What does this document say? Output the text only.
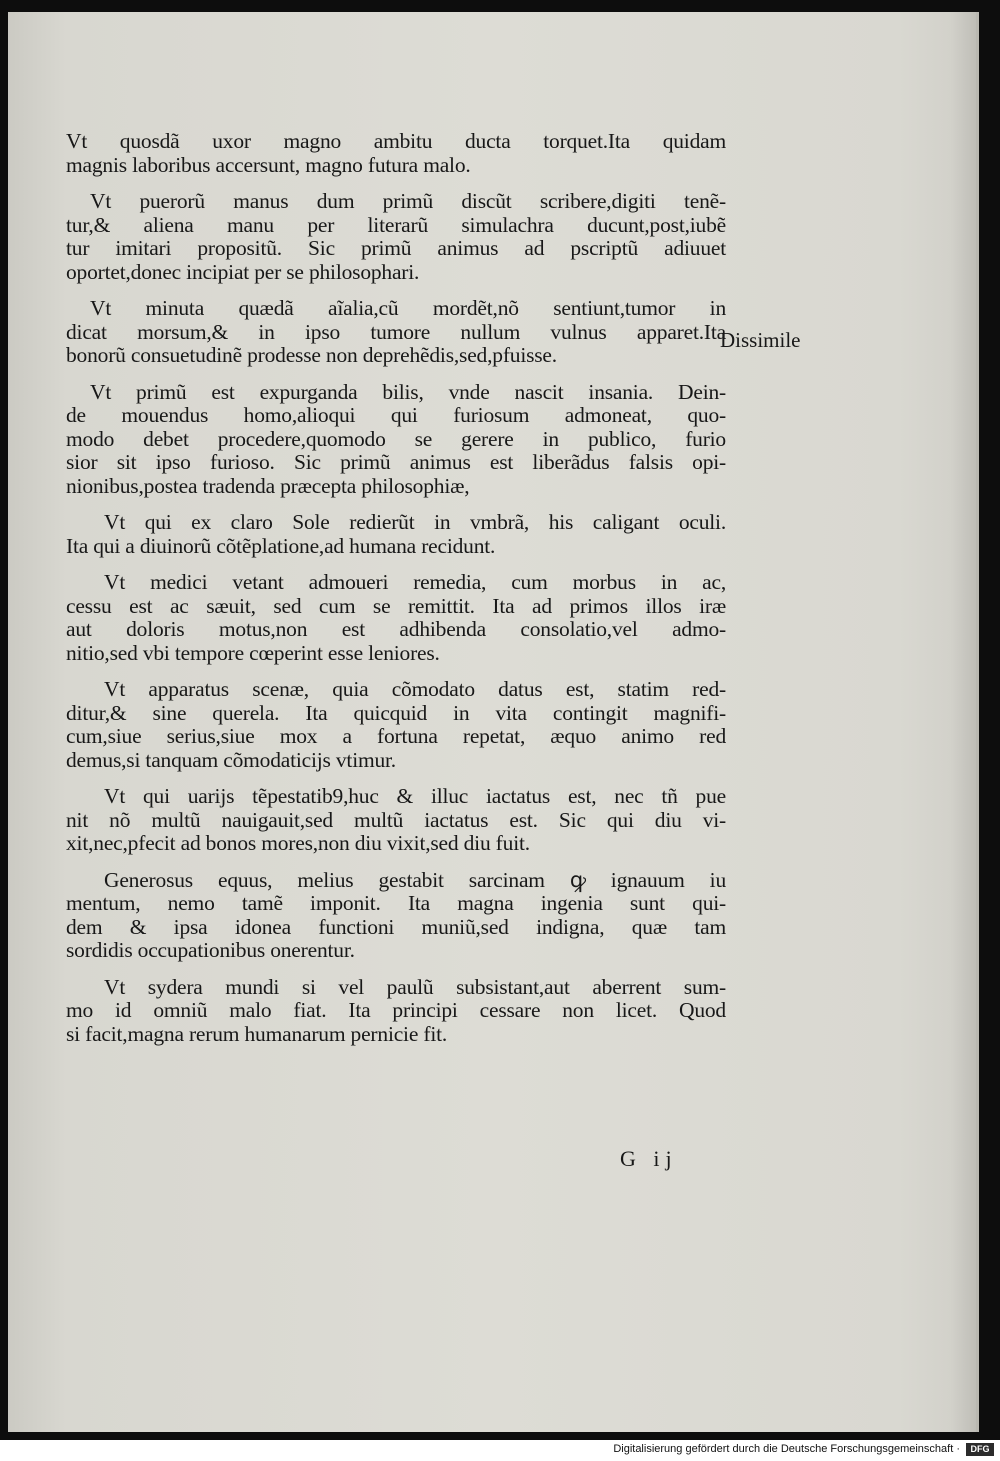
Vt quosdã uxor magno ambitu ducta torquet.Ita quidam
magnis laboribus accersunt, magno futura malo.
Vt puerorũ manus dum primũ discũt scribere,digiti tenẽ-
tur,& aliena manu per literarũ simulachra ducunt,post,iubẽ
tur imitari propositũ. Sic primũ animus ad pscriptũ adiuuet
oportet,donec incipiat per se philosophari.
Vt minuta quædã aĩalia,cũ mordẽt,nõ sentiunt,tumor in
dicat morsum,& in ipso tumore nullum vulnus apparet.Ita
bonorũ consuetudinẽ prodesse non deprehẽdis,sed,pfuisse.
Vt primũ est expurganda bilis, vnde nascit insania. Dein-
de mouendus homo,alioqui qui furiosum admoneat, quo-
modo debet procedere,quomodo se gerere in publico, furio
sior sit ipso furioso. Sic primũ animus est liberãdus falsis opi-
nionibus,postea tradenda præcepta philosophiæ,
Vt qui ex claro Sole redierũt in vmbrã, his caligant oculi.
Ita qui a diuinorũ cõtẽplatione,ad humana recidunt.
Vt medici vetant admoueri remedia, cum morbus in ac,
cessu est ac sæuit, sed cum se remittit. Ita ad primos illos iræ
aut doloris motus,non est adhibenda consolatio,vel admo-
nitio,sed vbi tempore cœperint esse leniores.
Vt apparatus scenæ, quia cõmodato datus est, statim red-
ditur,& sine querela. Ita quicquid in vita contingit magnifi-
cum,siue serius,siue mox a fortuna repetat, æquo animo red
demus,si tanquam cõmodaticijs vtimur.
Vt qui uarijs tẽpestatib9,huc & illuc iactatus est, nec tñ pue
nit nõ multũ nauigauit,sed multũ iactatus est. Sic qui diu vi-
xit,nec,pfecit ad bonos mores,non diu vixit,sed diu fuit.
Generosus equus, melius gestabit sarcinam ꝙ ignauum iu
mentum, nemo tamẽ imponit. Ita magna ingenia sunt qui-
dem & ipsa idonea functioni muniũ,sed indigna, quæ tam
sordidis occupationibus onerentur.
Vt sydera mundi si vel paulũ subsistant,aut aberrent sum-
mo id omniũ malo fiat. Ita principi cessare non licet. Quod
si facit,magna rerum humanarum pernicie fit.
Dissimile
G ij
Digitalisierung gefördert durch die Deutsche Forschungsgemeinschaft ·	DFG
